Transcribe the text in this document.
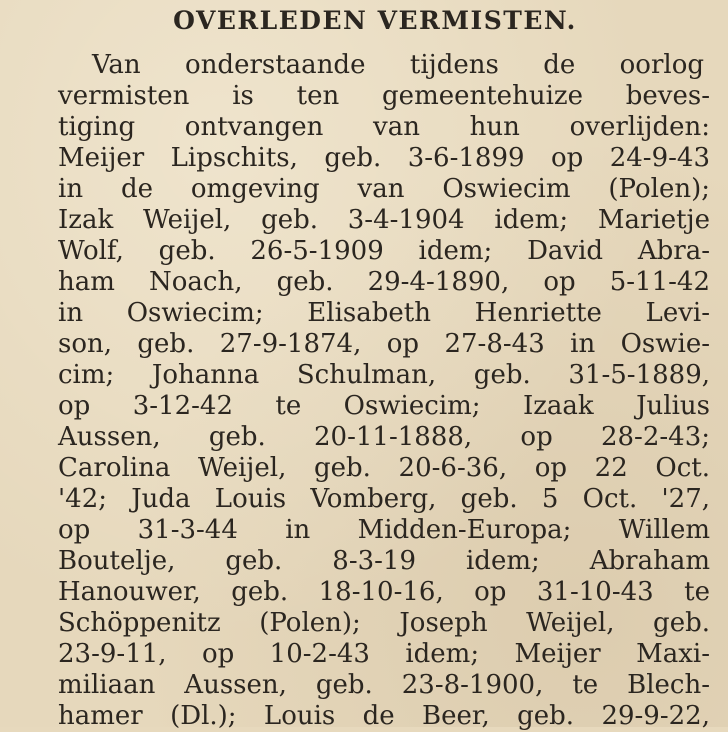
OVERLEDEN VERMISTEN.
Van onderstaande tijdens de oorlog
vermisten is ten gemeentehuize beves-
tiging ontvangen van hun overlijden:
Meijer Lipschits, geb. 3-6-1899 op 24-9-43
in de omgeving van Oswiecim (Polen);
Izak Weijel, geb. 3-4-1904 idem; Marietje
Wolf, geb. 26-5-1909 idem; David Abra-
ham Noach, geb. 29-4-1890, op 5-11-42
in Oswiecim; Elisabeth Henriette Levi-
son, geb. 27-9-1874, op 27-8-43 in Oswie-
cim; Johanna Schulman, geb. 31-5-1889,
op 3-12-42 te Oswiecim; Izaak Julius
Aussen, geb. 20-11-1888, op 28-2-43;
Carolina Weijel, geb. 20-6-36, op 22 Oct.
'42; Juda Louis Vomberg, geb. 5 Oct. '27,
op 31-3-44 in Midden-Europa; Willem
Boutelje, geb. 8-3-19 idem; Abraham
Hanouwer, geb. 18-10-16, op 31-10-43 te
Schöppenitz (Polen); Joseph Weijel, geb.
23-9-11, op 10-2-43 idem; Meijer Maxi-
miliaan Aussen, geb. 23-8-1900, te Blech-
hamer (Dl.); Louis de Beer, geb. 29-9-22,
